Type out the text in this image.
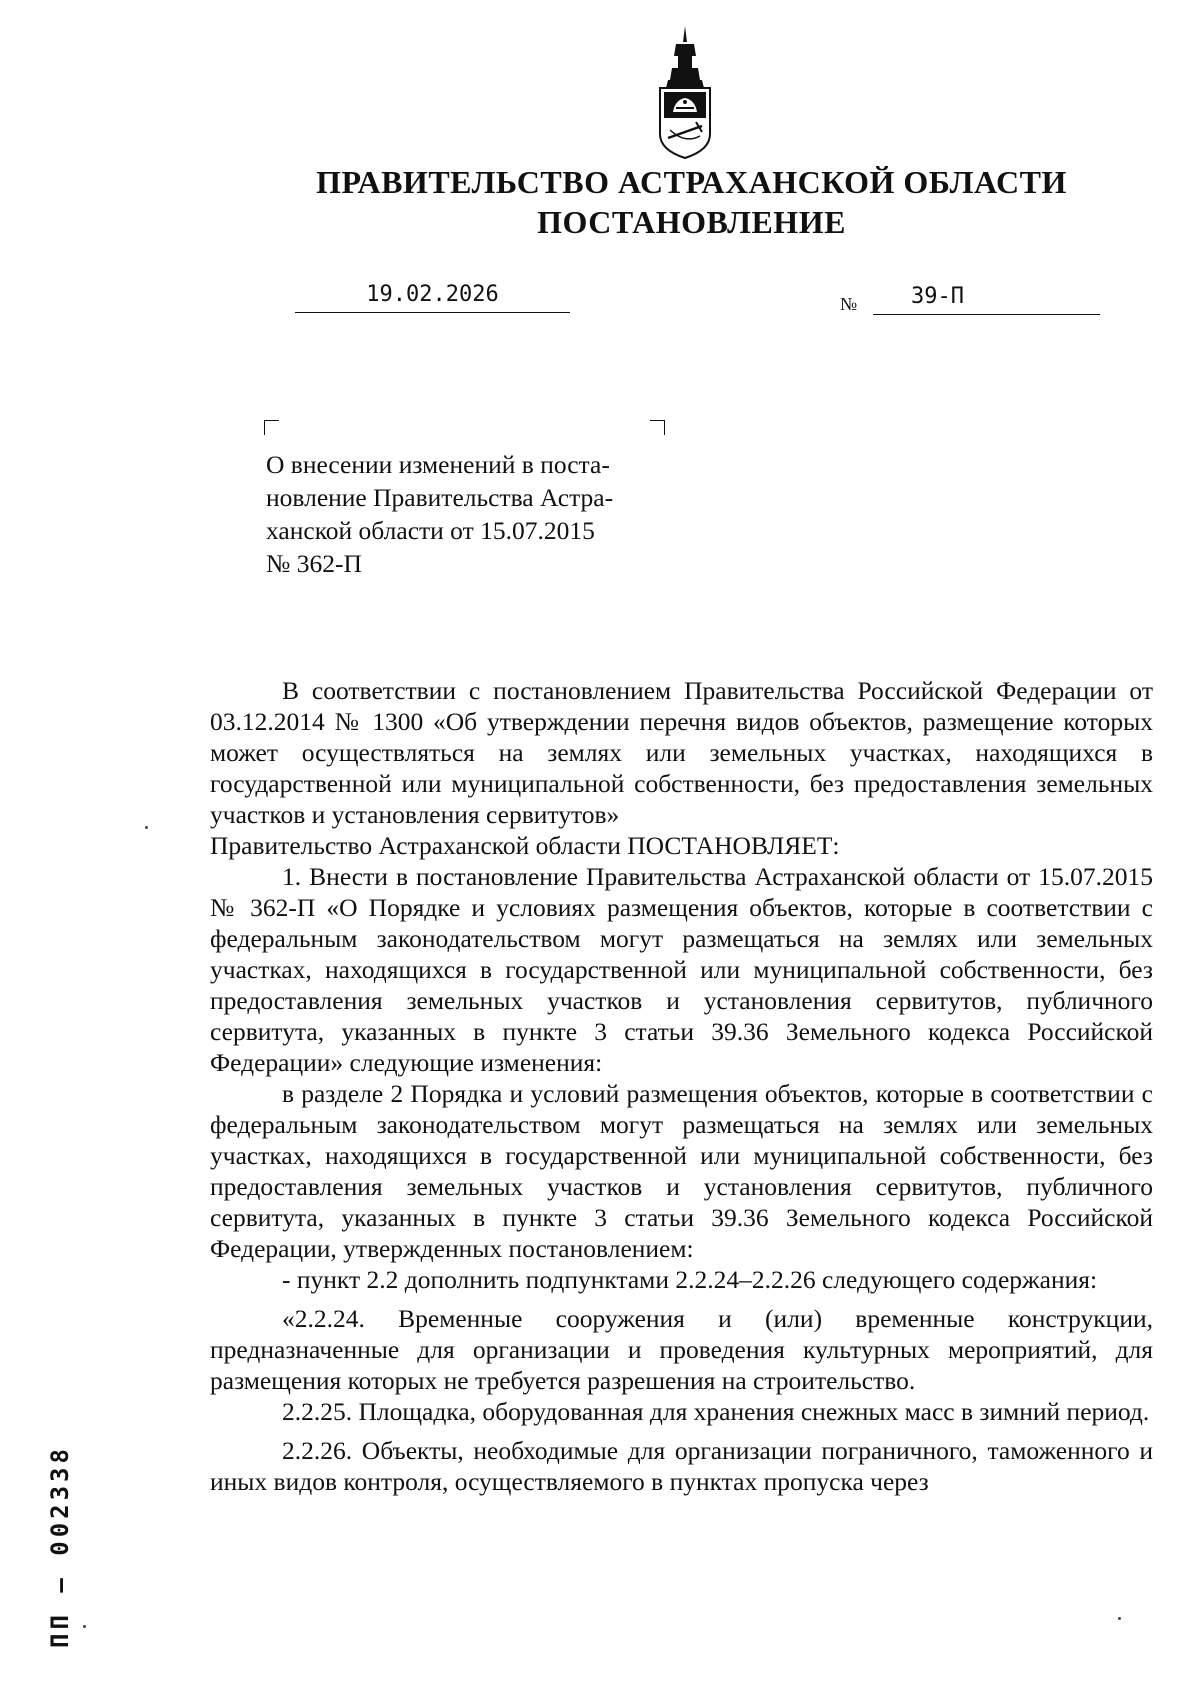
ПРАВИТЕЛЬСТВО АСТРАХАНСКОЙ ОБЛАСТИ
ПОСТАНОВЛЕНИЕ
19.02.2026	№	39-П

О внесении изменений в поста-

новление Правительства Астра-

ханской области от 15.07.2015

№ 362-П

В соответствии с постановлением Правительства Российской Федерации от 03.12.2014 № 1300 «Об утверждении перечня видов объектов, размещение которых может осуществляться на землях или земельных участках, находящихся в государственной или муниципальной собственности, без предоставления земельных участков и установления сервитутов»

Правительство Астраханской области ПОСТАНОВЛЯЕТ:

1. Внести в постановление Правительства Астраханской области от 15.07.2015 № 362-П «О Порядке и условиях размещения объектов, которые в соответствии с федеральным законодательством могут размещаться на землях или земельных участках, находящихся в государственной или муниципальной собственности, без предоставления земельных участков и установления сервитутов, публичного сервитута, указанных в пункте 3 статьи 39.36 Земельного кодекса Российской Федерации» следующие изменения:

в разделе 2 Порядка и условий размещения объектов, которые в соответствии с федеральным законодательством могут размещаться на землях или земельных участках, находящихся в государственной или муниципальной собственности, без предоставления земельных участков и установления сервитутов, публичного сервитута, указанных в пункте 3 статьи 39.36 Земельного кодекса Российской Федерации, утвержденных постановлением:

- пункт 2.2 дополнить подпунктами 2.2.24–2.2.26 следующего содержания:

«2.2.24. Временные сооружения и (или) временные конструкции, предназначенные для организации и проведения культурных мероприятий, для размещения которых не требуется разрешения на строительство.

2.2.25. Площадка, оборудованная для хранения снежных масс в зимний период.

2.2.26. Объекты, необходимые для организации пограничного, таможенного и иных видов контроля, осуществляемого в пунктах пропуска через

ПП – 002338
